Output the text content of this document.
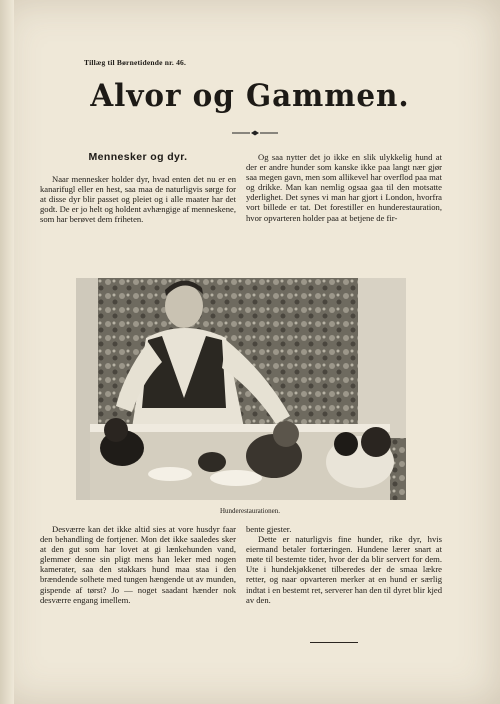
Tillæg til Børnetidende nr. 46.
Alvor og Gammen.
Mennesker og dyr.

Naar mennesker holder dyr, hvad enten det nu er en kanarifugl eller en hest, saa maa de naturligvis sørge for at disse dyr blir passet og pleiet og i alle maater har det godt. De er jo helt og holdent avhængige af menneskene, som har berøvet dem friheten.

Og saa nytter det jo ikke en slik ulykkelig hund at der er andre hunder som kanske ikke paa langt nær gjør saa megen gavn, men som allikevel har overflod paa mat og drikke. Man kan nemlig ogsaa gaa til den motsatte yderlighet. Det synes vi man har gjort i London, hvorfra vort billede er tat. Det forestiller en hunderestauration, hvor opvarteren holder paa at betjene de fir-

Hunderestaurationen.

Desværre kan det ikke altid sies at vore husdyr faar den behandling de fortjener. Mon det ikke saaledes sker at den gut som har lovet at gi lænkehunden vand, glemmer denne sin pligt mens han leker med nogen kamerater, saa den stakkars hund maa staa i den brændende solhete med tungen hængende ut av munden, gispende af tørst? Jo — noget saadant hænder nok desværre engang imellem.

bente gjester.

Dette er naturligvis fine hunder, rike dyr, hvis eiermand betaler fortæringen. Hundene lærer snart at møte til bestemte tider, hvor der da blir servert for dem. Ute i hundekjøkkenet tilberedes der de smaa lækre retter, og naar opvarteren merker at en hund er særlig indtat i en bestemt ret, serverer han den til dyret blir kjed av den.
